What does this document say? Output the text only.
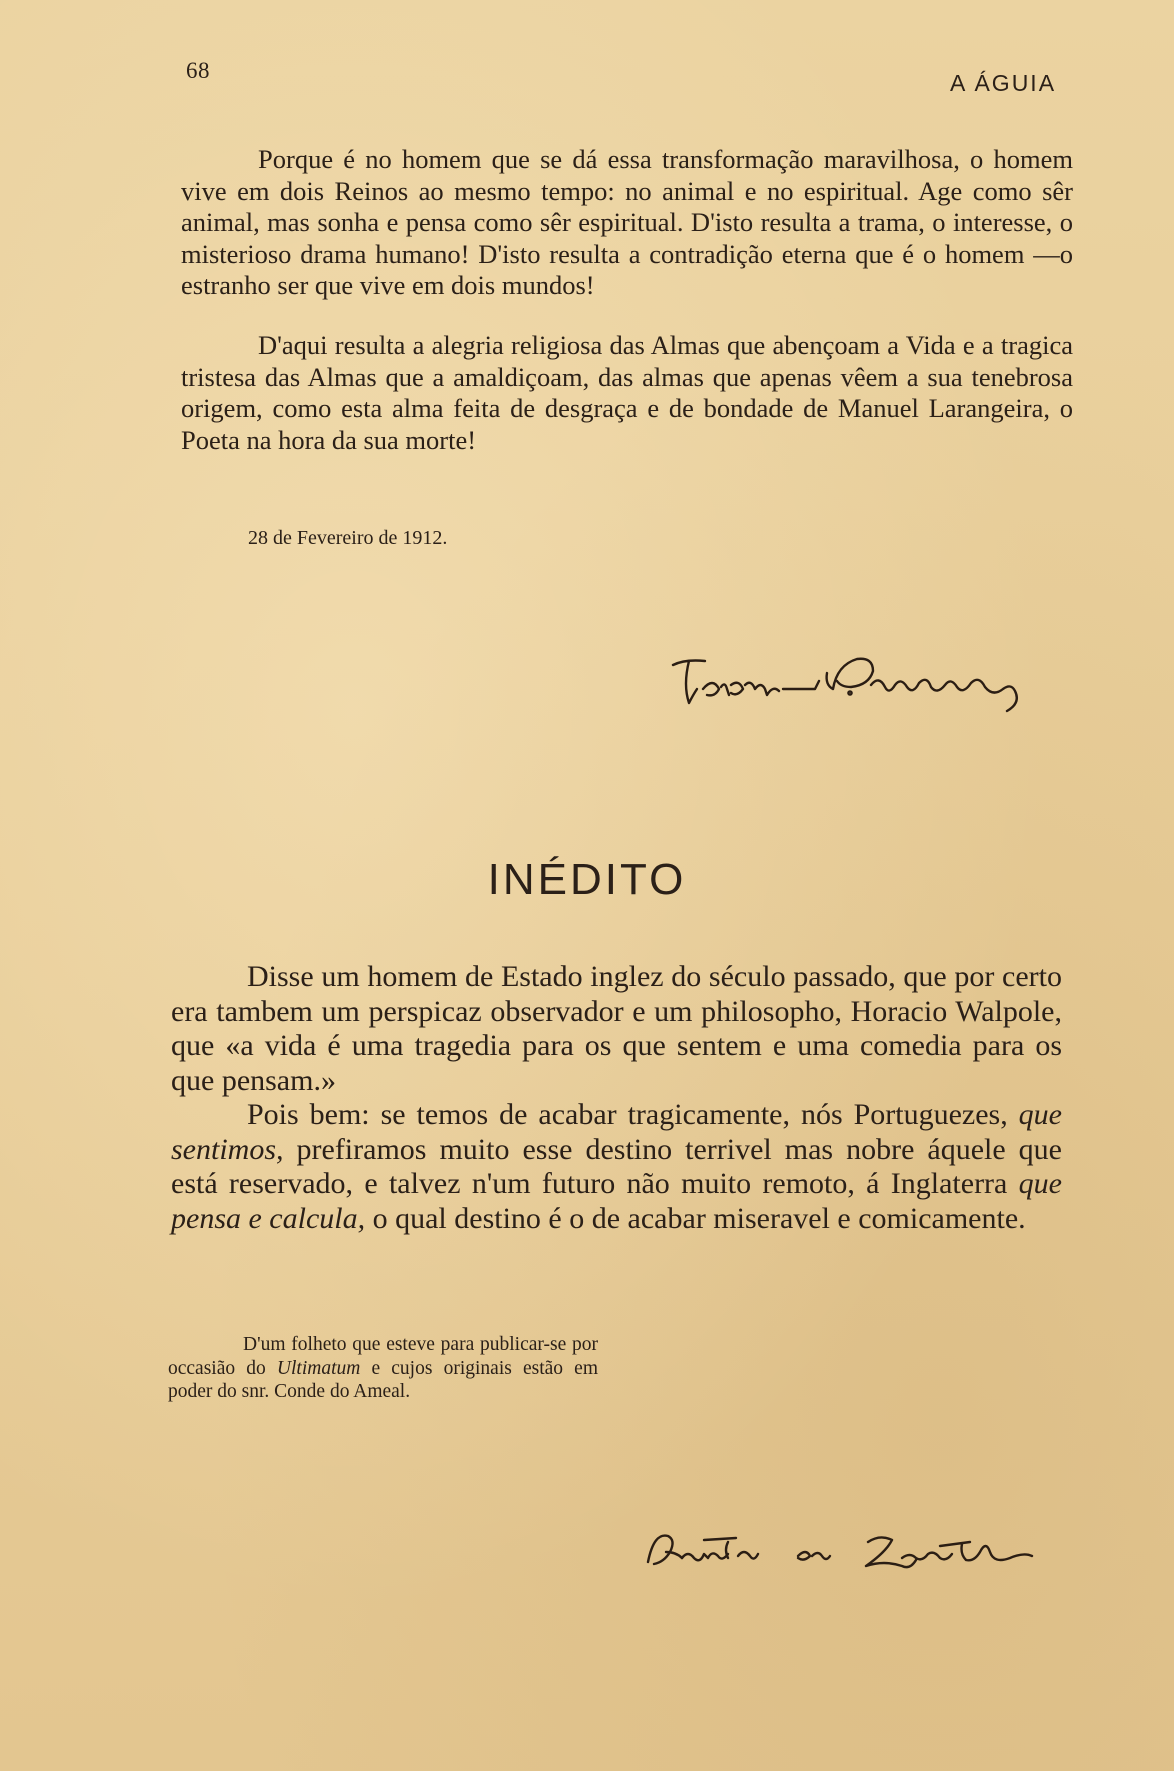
68	A ÁGUIA

Porque é no homem que se dá essa transformação maravilhosa, o homem vive em dois Reinos ao mesmo tempo: no animal e no espiritual. Age como sêr animal, mas sonha e pensa como sêr espiritual. D'isto resulta a trama, o interesse, o misterioso drama humano! D'isto resulta a contradição eterna que é o homem —o estranho ser que vive em dois mundos!

D'aqui resulta a alegria religiosa das Almas que abençoam a Vida e a tragica tristesa das Almas que a amaldiçoam, das almas que apenas vêem a sua tenebrosa origem, como esta alma feita de desgraça e de bondade de Manuel Larangeira, o Poeta na hora da sua morte!

28 de Fevereiro de 1912.
INÉDITO

Disse um homem de Estado inglez do século passado, que por certo era tambem um perspicaz observador e um philosopho, Horacio Walpole, que «a vida é uma tragedia para os que sentem e uma comedia para os que pensam.»

Pois bem: se temos de acabar tragicamente, nós Portuguezes, que sentimos, prefiramos muito esse destino terrivel mas nobre áquele que está reservado, e talvez n'um futuro não muito remoto, á Inglaterra que pensa e calcula, o qual destino é o de acabar miseravel e comicamente.

D'um folheto que esteve para publicar-se por occasião do Ultimatum e cujos originais estão em poder do snr. Conde do Ameal.
